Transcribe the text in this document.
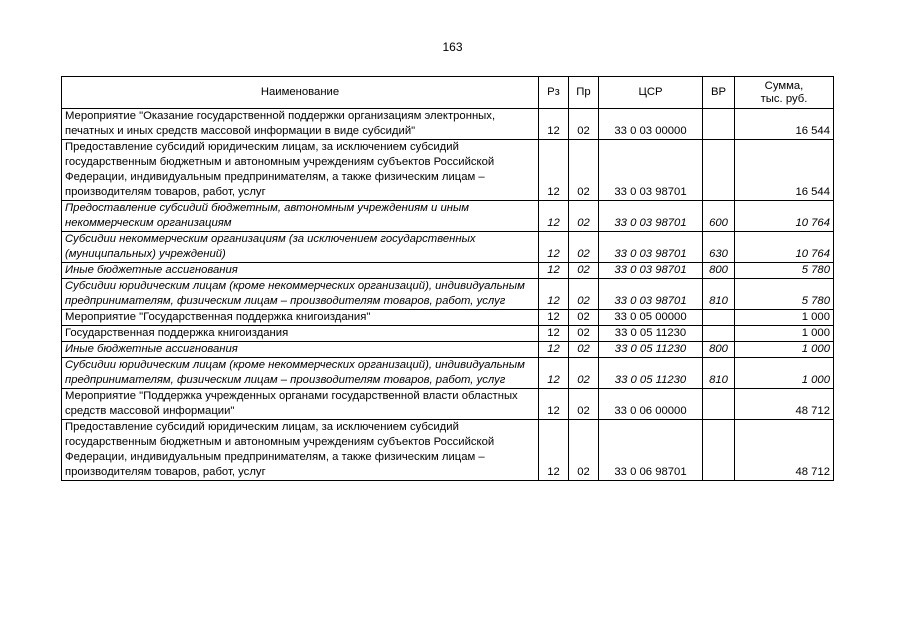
163
Наименование	Рз	Пр	ЦСР	ВР	Сумма,
тыс. руб.
Мероприятие "Оказание государственной поддержки организациям электронных, печатных и иных средств массовой информации в виде субсидий"	12	02	33 0 03 00000		16 544
Предоставление субсидий юридическим лицам, за исключением субсидий государственным бюджетным и автономным учреждениям субъектов Российской Федерации, индивидуальным предпринимателям, а также физическим лицам – производителям товаров, работ, услуг	12	02	33 0 03 98701		16 544
Предоставление субсидий бюджетным, автономным учреждениям и иным некоммерческим организациям	12	02	33 0 03 98701	600	10 764
Субсидии некоммерческим организациям (за исключением государственных (муниципальных) учреждений)	12	02	33 0 03 98701	630	10 764
Иные бюджетные ассигнования	12	02	33 0 03 98701	800	5 780
Субсидии юридическим лицам (кроме некоммерческих организаций), индивидуальным предпринимателям, физическим лицам – производителям товаров, работ, услуг	12	02	33 0 03 98701	810	5 780
Мероприятие "Государственная поддержка книгоиздания"	12	02	33 0 05 00000		1 000
Государственная поддержка книгоиздания	12	02	33 0 05 11230		1 000
Иные бюджетные ассигнования	12	02	33 0 05 11230	800	1 000
Субсидии юридическим лицам (кроме некоммерческих организаций), индивидуальным предпринимателям, физическим лицам – производителям товаров, работ, услуг	12	02	33 0 05 11230	810	1 000
Мероприятие "Поддержка учрежденных органами государственной власти областных средств массовой информации"	12	02	33 0 06 00000		48 712
Предоставление субсидий юридическим лицам, за исключением субсидий государственным бюджетным и автономным учреждениям субъектов Российской Федерации, индивидуальным предпринимателям, а также физическим лицам – производителям товаров, работ, услуг	12	02	33 0 06 98701		48 712
